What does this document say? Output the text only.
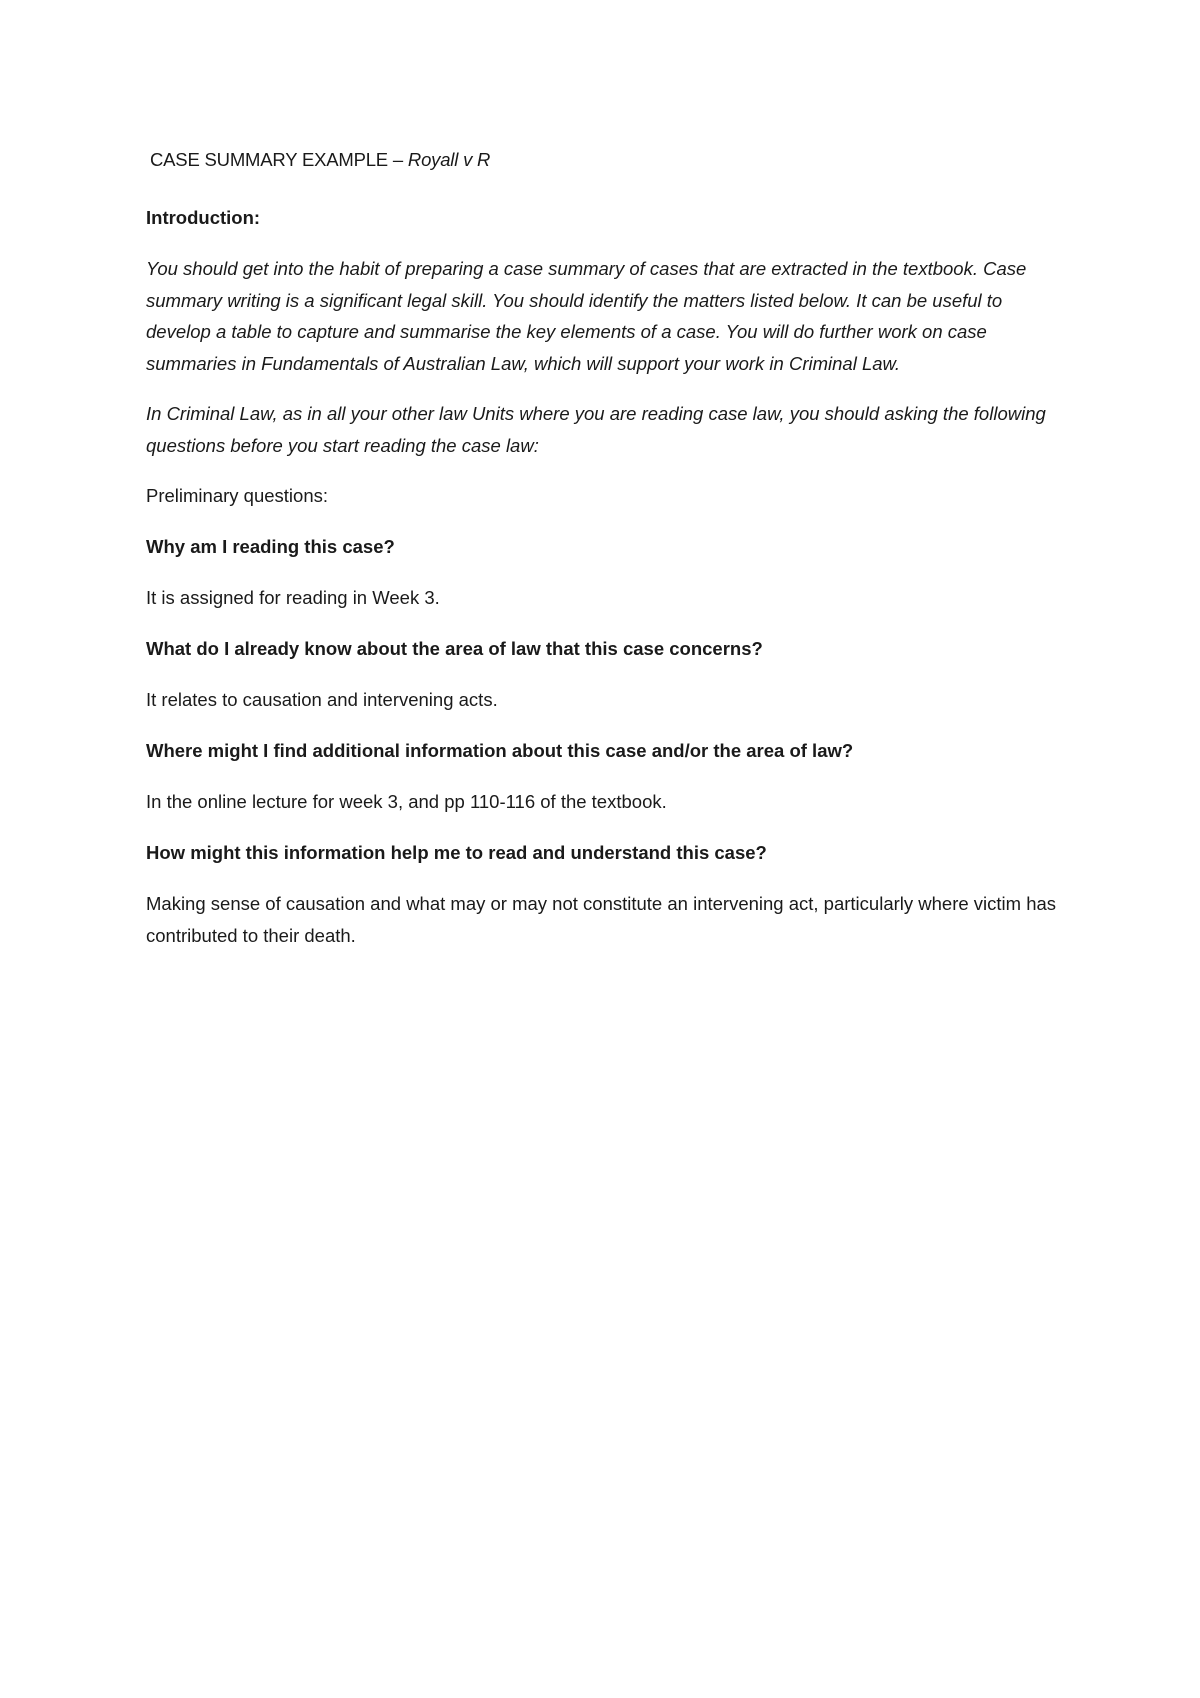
CASE SUMMARY EXAMPLE – Royall v R

Introduction:

You should get into the habit of preparing a case summary of cases that are extracted in the textbook. Case summary writing is a significant legal skill. You should identify the matters listed below. It can be useful to develop a table to capture and summarise the key elements of a case. You will do further work on case summaries in Fundamentals of Australian Law, which will support your work in Criminal Law.

In Criminal Law, as in all your other law Units where you are reading case law, you should asking the following questions before you start reading the case law:

Preliminary questions:

Why am I reading this case?

It is assigned for reading in Week 3.

What do I already know about the area of law that this case concerns?

It relates to causation and intervening acts.

Where might I find additional information about this case and/or the area of law?

In the online lecture for week 3, and pp 110-116 of the textbook.

How might this information help me to read and understand this case?

Making sense of causation and what may or may not constitute an intervening act, particularly where victim has contributed to their death.
